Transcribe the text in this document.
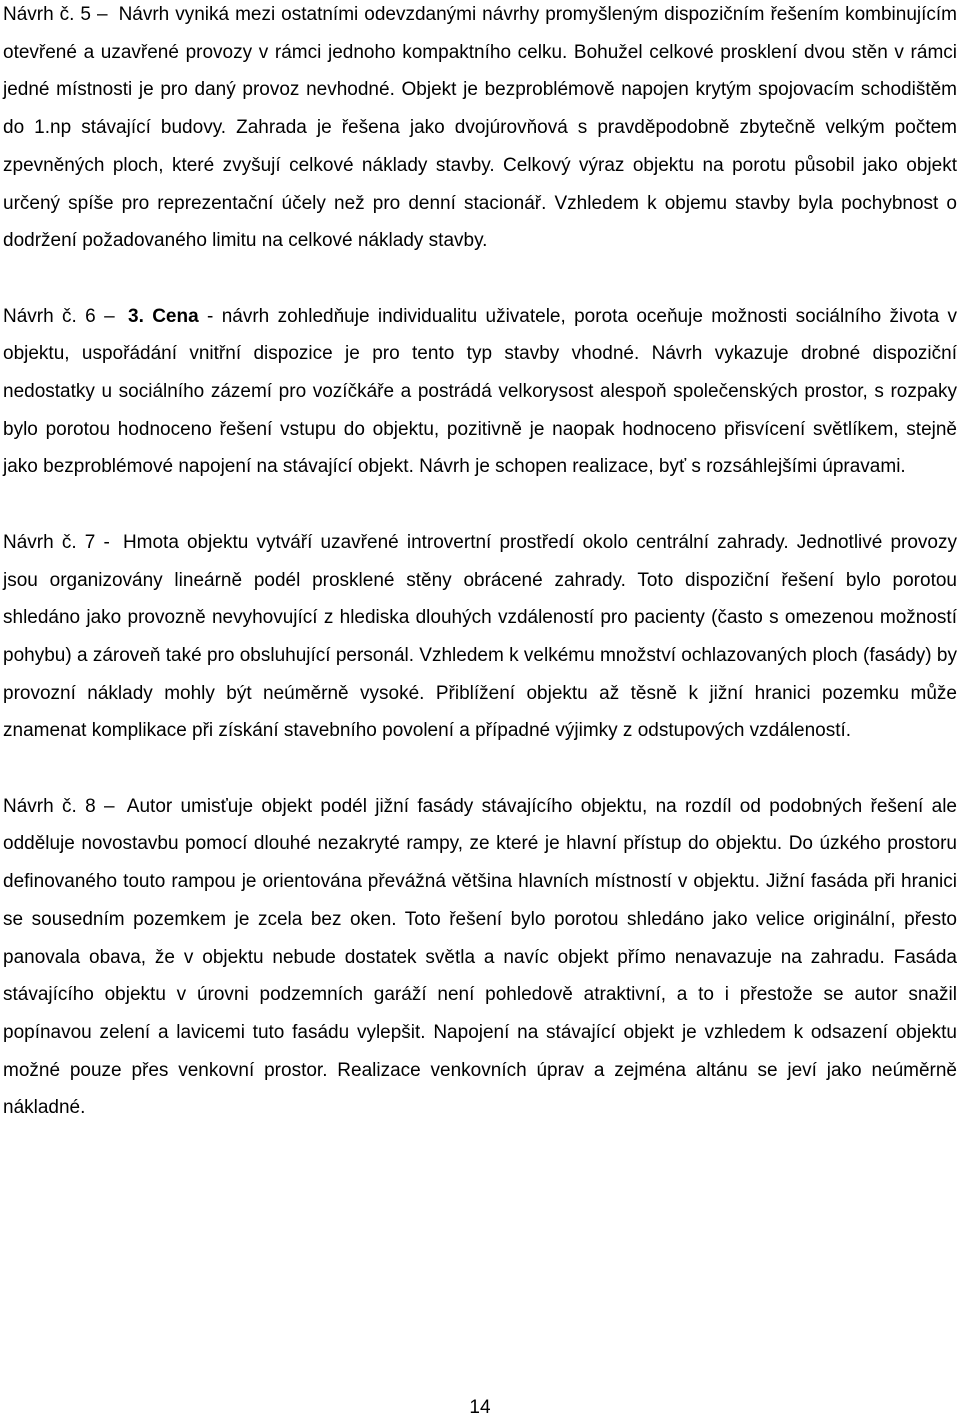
Návrh č. 5 – Návrh vyniká mezi ostatními odevzdanými návrhy promyšleným dispozičním řešením kombinujícím otevřené a uzavřené provozy v rámci jednoho kompaktního celku. Bohužel celkové prosklení dvou stěn v rámci jedné místnosti je pro daný provoz nevhodné. Objekt je bezproblémově napojen krytým spojovacím schodištěm do 1.np stávající budovy. Zahrada je řešena jako dvojúrovňová s pravděpodobně zbytečně velkým počtem zpevněných ploch, které zvyšují celkové náklady stavby. Celkový výraz objektu na porotu působil jako objekt určený spíše pro reprezentační účely než pro denní stacionář. Vzhledem k objemu stavby byla pochybnost o dodržení požadovaného limitu na celkové náklady stavby.

Návrh č. 6 – 3. Cena - návrh zohledňuje individualitu uživatele, porota oceňuje možnosti sociálního života v objektu, uspořádání vnitřní dispozice je pro tento typ stavby vhodné. Návrh vykazuje drobné dispoziční nedostatky u sociálního zázemí pro vozíčkáře a postrádá velkorysost alespoň společenských prostor, s rozpaky bylo porotou hodnoceno řešení vstupu do objektu, pozitivně je naopak hodnoceno přisvícení světlíkem, stejně jako bezproblémové napojení na stávající objekt. Návrh je schopen realizace, byť s rozsáhlejšími úpravami.

Návrh č. 7 - Hmota objektu vytváří uzavřené introvertní prostředí okolo centrální zahrady. Jednotlivé provozy jsou organizovány lineárně podél prosklené stěny obrácené zahrady. Toto dispoziční řešení bylo porotou shledáno jako provozně nevyhovující z hlediska dlouhých vzdáleností pro pacienty (často s omezenou možností pohybu) a zároveň také pro obsluhující personál. Vzhledem k velkému množství ochlazovaných ploch (fasády) by provozní náklady mohly být neúměrně vysoké. Přiblížení objektu až těsně k jižní hranici pozemku může znamenat komplikace při získání stavebního povolení a případné výjimky z odstupových vzdáleností.

Návrh č. 8 – Autor umisťuje objekt podél jižní fasády stávajícího objektu, na rozdíl od podobných řešení ale odděluje novostavbu pomocí dlouhé nezakryté rampy, ze které je hlavní přístup do objektu. Do úzkého prostoru definovaného touto rampou je orientována převážná většina hlavních místností v objektu. Jižní fasáda při hranici se sousedním pozemkem je zcela bez oken. Toto řešení bylo porotou shledáno jako velice originální, přesto panovala obava, že v objektu nebude dostatek světla a navíc objekt přímo nenavazuje na zahradu. Fasáda stávajícího objektu v úrovni podzemních garáží není pohledově atraktivní, a to i přestože se autor snažil popínavou zelení a lavicemi tuto fasádu vylepšit. Napojení na stávající objekt je vzhledem k odsazení objektu možné pouze přes venkovní prostor. Realizace venkovních úprav a zejména altánu se jeví jako neúměrně nákladné.

14
